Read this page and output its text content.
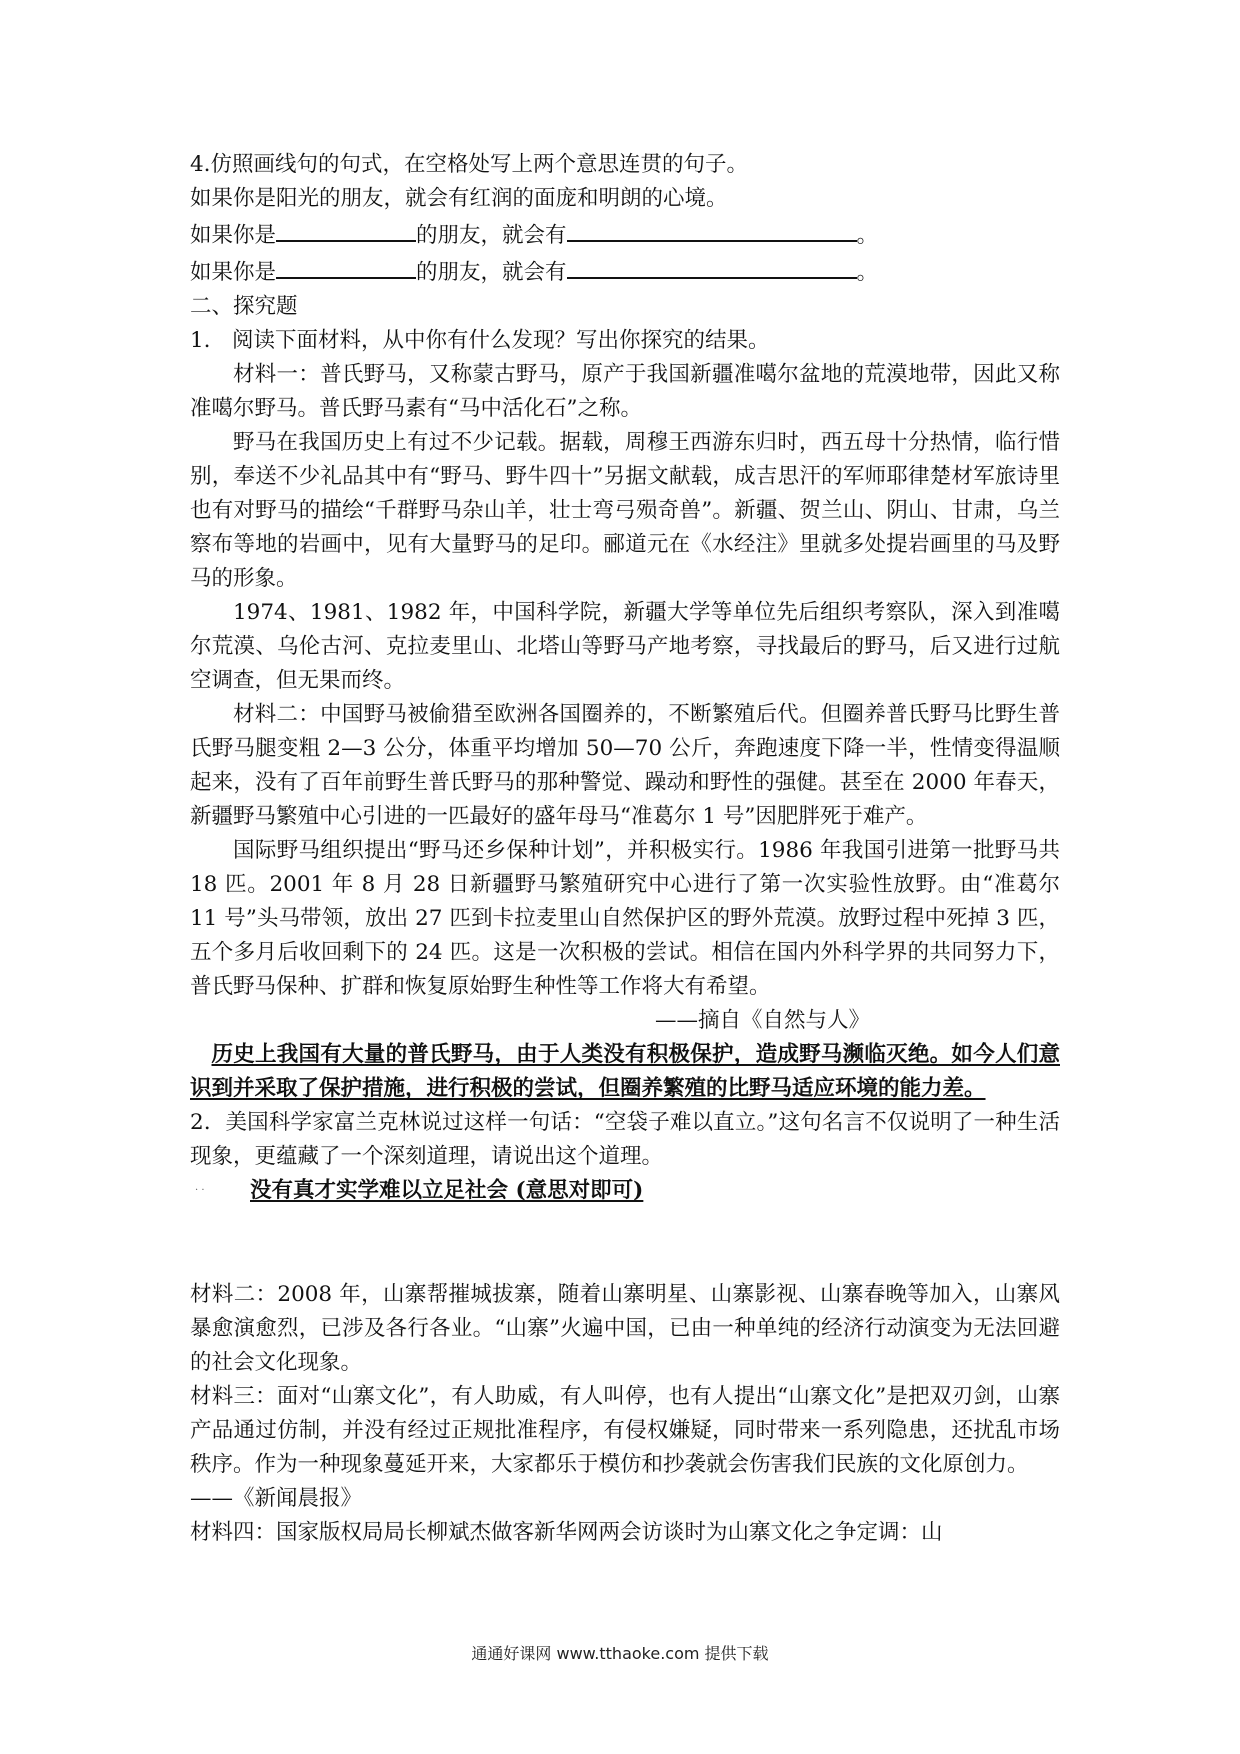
4.仿照画线句的句式，在空格处写上两个意思连贯的句子。
如果你是阳光的朋友，就会有红润的面庞和明朗的心境。
如果你是	的朋友，就会有	。
如果你是	的朋友，就会有	。
二、探究题
1.　阅读下面材料，从中你有什么发现？写出你探究的结果。

材料一：普氏野马，又称蒙古野马，原产于我国新疆准噶尔盆地的荒漠地带，因此又称准噶尔野马。普氏野马素有“马中活化石”之称。

野马在我国历史上有过不少记载。据载，周穆王西游东归时，西五母十分热情，临行惜别，奉送不少礼品其中有“野马、野牛四十”另据文献载，成吉思汗的军师耶律楚材军旅诗里也有对野马的描绘“千群野马杂山羊，壮士弯弓殒奇兽”。新疆、贺兰山、阴山、甘肃，乌兰察布等地的岩画中，见有大量野马的足印。郦道元在《水经注》里就多处提岩画里的马及野马的形象。

1974、1981、1982 年，中国科学院，新疆大学等单位先后组织考察队，深入到准噶尔荒漠、乌伦古河、克拉麦里山、北塔山等野马产地考察，寻找最后的野马，后又进行过航空调查，但无果而终。

材料二：中国野马被偷猎至欧洲各国圈养的，不断繁殖后代。但圈养普氏野马比野生普氏野马腿变粗 2—3 公分，体重平均增加 50—70 公斤，奔跑速度下降一半，性情变得温顺起来，没有了百年前野生普氏野马的那种警觉、躁动和野性的强健。甚至在 2000 年春天，新疆野马繁殖中心引进的一匹最好的盛年母马“准葛尔 1 号”因肥胖死于难产。

国际野马组织提出“野马还乡保种计划”，并积极实行。1986 年我国引进第一批野马共 18 匹。2001 年 8 月 28 日新疆野马繁殖研究中心进行了第一次实验性放野。由“准葛尔 11 号”头马带领，放出 27 匹到卡拉麦里山自然保护区的野外荒漠。放野过程中死掉 3 匹，五个多月后收回剩下的 24 匹。这是一次积极的尝试。相信在国内外科学界的共同努力下，普氏野马保种、扩群和恢复原始野生种性等工作将大有希望。

——摘自《自然与人》

历史上我国有大量的普氏野马，由于人类没有积极保护，造成野马濒临灭绝。如今人们意识到并采取了保护措施，进行积极的尝试，但圈养繁殖的比野马适应环境的能力差。

2．美国科学家富兰克林说过这样一句话：“空袋子难以直立。”这句名言不仅说明了一种生活现象，更蕴藏了一个深刻道理，请说出这个道理。

· · 没有真才实学难以立足社会 (意思对即可)

材料二：2008 年，山寨帮摧城拔寨，随着山寨明星、山寨影视、山寨春晚等加入，山寨风暴愈演愈烈，已涉及各行各业。“山寨”火遍中国，已由一种单纯的经济行动演变为无法回避的社会文化现象。

材料三：面对“山寨文化”，有人助威，有人叫停，也有人提出“山寨文化”是把双刃剑，山寨产品通过仿制，并没有经过正规批准程序，有侵权嫌疑，同时带来一系列隐患，还扰乱市场秩序。作为一种现象蔓延开来，大家都乐于模仿和抄袭就会伤害我们民族的文化原创力。

——《新闻晨报》

材料四：国家版权局局长柳斌杰做客新华网两会访谈时为山寨文化之争定调：山

通通好课网 www.tthaoke.com 提供下载
